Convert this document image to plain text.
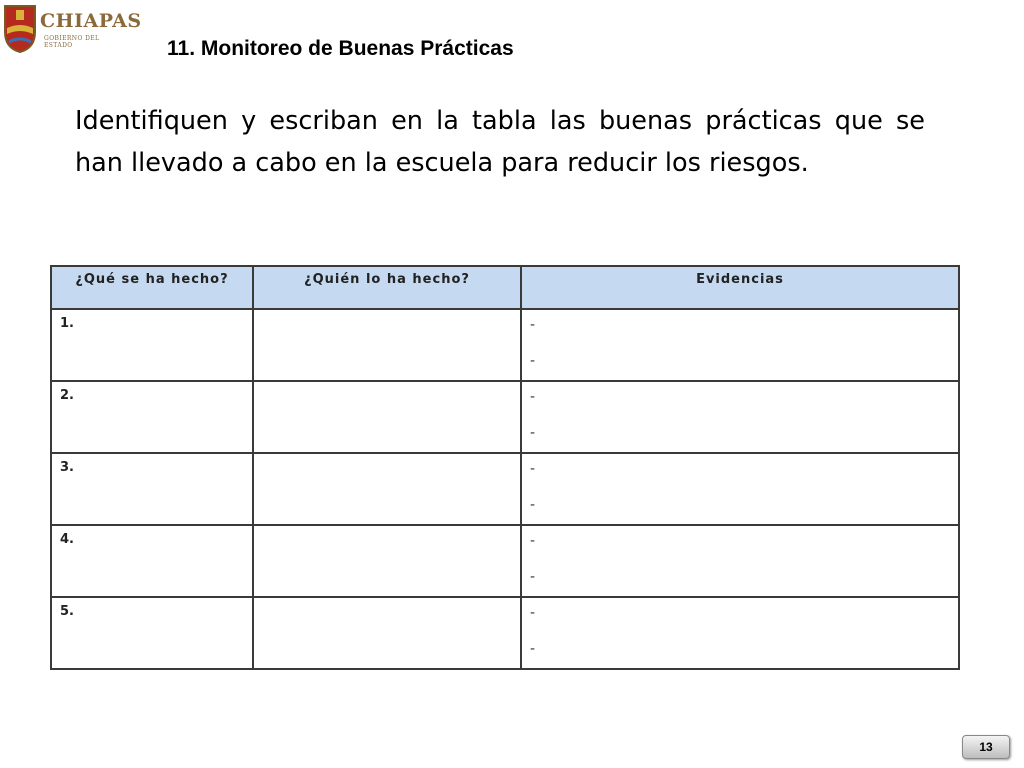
CHIAPAS
GOBIERNO DEL ESTADO	11. Monitoreo de Buenas Prácticas
Identifiquen y escriban en la tabla las buenas prácticas que se han llevado a cabo en la escuela para reducir los riesgos.
¿Qué se ha hecho?	¿Quién lo ha hecho?	Evidencias
1.		-
-

2.		-
-

3.		-
-

4.		-
-

5.		-
-
13
